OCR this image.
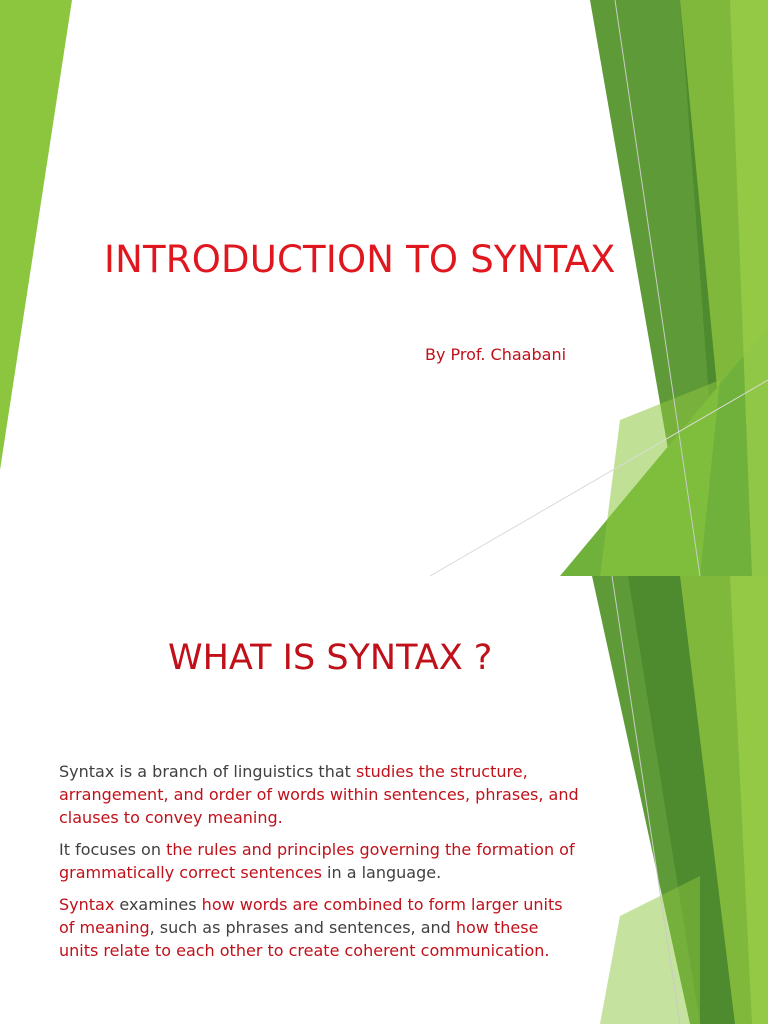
INTRODUCTION TO SYNTAX
By Prof. Chaabani
WHAT IS SYNTAX ?

Syntax is a branch of linguistics that studies the structure, arrangement, and order of words within sentences, phrases, and clauses to convey meaning.

It focuses on the rules and principles governing the formation of grammatically correct sentences in a language.

Syntax examines how words are combined to form larger units of meaning, such as phrases and sentences, and how these units relate to each other to create coherent communication.
